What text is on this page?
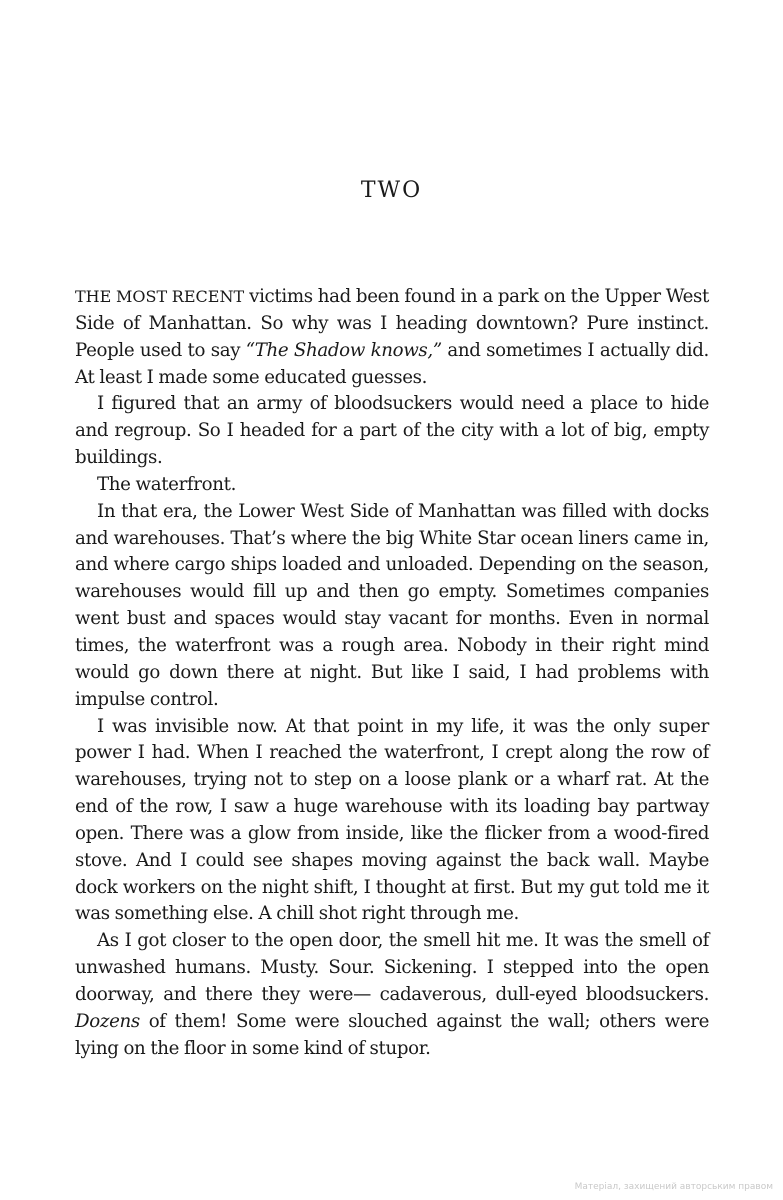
TWO

THE MOST RECENT victims had been found in a park on the Upper West Side of Manhattan. So why was I heading downtown? Pure instinct. People used to say “The Shadow knows,” and sometimes I actually did. At least I made some educated guesses.

I figured that an army of bloodsuckers would need a place to hide and regroup. So I headed for a part of the city with a lot of big, empty buildings.

The waterfront.

In that era, the Lower West Side of Manhattan was filled with docks and warehouses. That’s where the big White Star ocean liners came in, and where cargo ships loaded and unloaded. Depending on the season, warehouses would fill up and then go empty. Sometimes companies went bust and spaces would stay vacant for months. Even in normal times, the waterfront was a rough area. Nobody in their right mind would go down there at night. But like I said, I had problems with impulse control.

I was invisible now. At that point in my life, it was the only super power I had. When I reached the waterfront, I crept along the row of warehouses, trying not to step on a loose plank or a wharf rat. At the end of the row, I saw a huge warehouse with its loading bay partway open. There was a glow from inside, like the flicker from a wood-fired stove. And I could see shapes moving against the back wall. Maybe dock workers on the night shift, I thought at first. But my gut told me it was something else. A chill shot right through me.

As I got closer to the open door, the smell hit me. It was the smell of unwashed humans. Musty. Sour. Sickening. I stepped into the open doorway, and there they were— cadaverous, dull-eyed bloodsuckers. Dozens of them! Some were slouched against the wall; others were lying on the floor in some kind of stupor.

Матеріал, захищений авторським правом
